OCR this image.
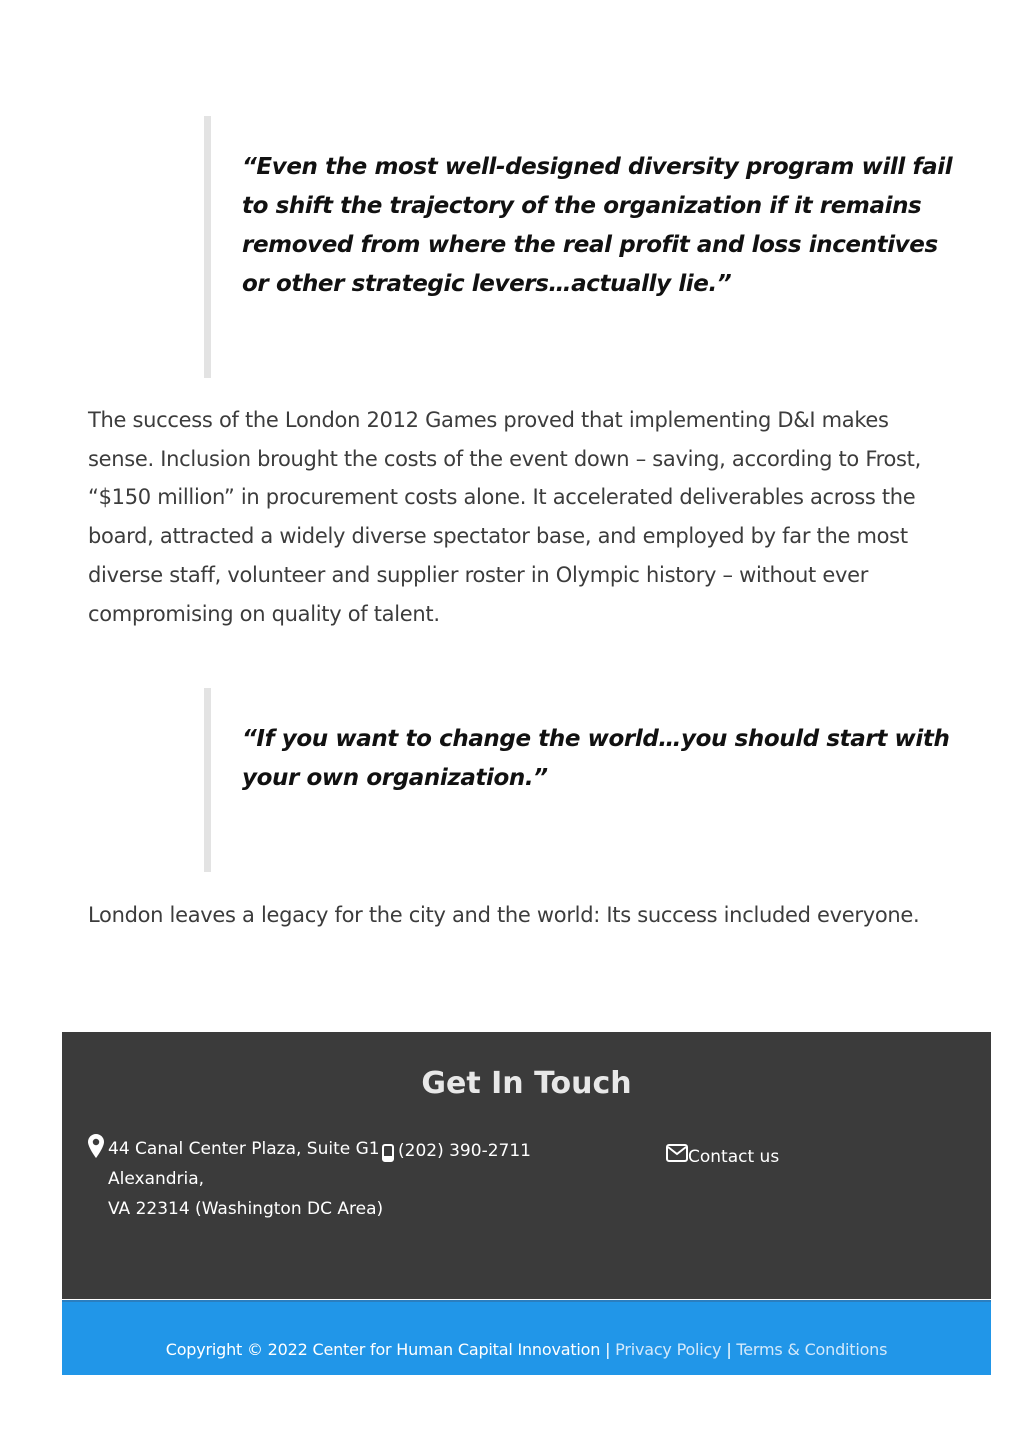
“Even the most well-designed diversity program will fail to shift the trajectory of the organization if it remains removed from where the real profit and loss incentives or other strategic levers…actually lie.”

The success of the London 2012 Games proved that implementing D&I makes sense. Inclusion brought the costs of the event down – saving, according to Frost, “$150 million” in procurement costs alone. It accelerated deliverables across the board, attracted a widely diverse spectator base, and employed by far the most diverse staff, volunteer and supplier roster in Olympic history – without ever compromising on quality of talent.

“If you want to change the world…you should start with your own organization.”

London leaves a legacy for the city and the world: Its success included everyone.

Get In Touch
44 Canal Center Plaza, Suite G1
Alexandria,
VA 22314 (Washington DC Area)
(202) 390-2711	Contact us
Copyright © 2022 Center for Human Capital Innovation | Privacy Policy | Terms & Conditions
